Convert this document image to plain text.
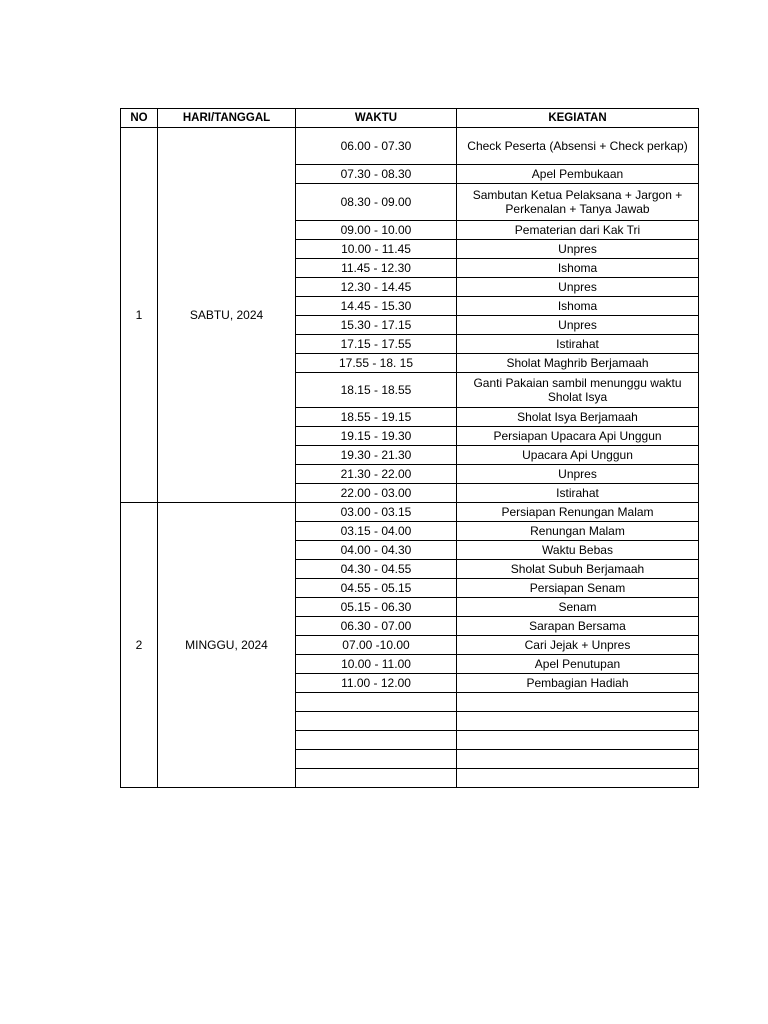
NO	HARI/TANGGAL	WAKTU	KEGIATAN
1	SABTU, 2024	06.00 - 07.30	Check Peserta (Absensi + Check perkap)
		07.30 - 08.30	Apel Pembukaan
		08.30 - 09.00	Sambutan Ketua Pelaksana + Jargon + Perkenalan + Tanya Jawab
		09.00 - 10.00	Pematerian dari Kak Tri
		10.00 - 11.45	Unpres
		11.45 - 12.30	Ishoma
		12.30 - 14.45	Unpres
		14.45 - 15.30	Ishoma
		15.30 - 17.15	Unpres
		17.15 - 17.55	Istirahat
		17.55 - 18. 15	Sholat Maghrib Berjamaah
		18.15 - 18.55	Ganti Pakaian sambil menunggu waktu Sholat Isya
		18.55 - 19.15	Sholat Isya Berjamaah
		19.15 - 19.30	Persiapan Upacara Api Unggun
		19.30 - 21.30	Upacara Api Unggun
		21.30 - 22.00	Unpres
		22.00 - 03.00	Istirahat
2	MINGGU, 2024	03.00 - 03.15	Persiapan Renungan Malam
		03.15 - 04.00	Renungan Malam
		04.00 - 04.30	Waktu Bebas
		04.30 - 04.55	Sholat Subuh Berjamaah
		04.55 - 05.15	Persiapan Senam
		05.15 - 06.30	Senam
		06.30 - 07.00	Sarapan Bersama
		07.00 -10.00	Cari Jejak + Unpres
		10.00 - 11.00	Apel Penutupan
		11.00 - 12.00	Pembagian Hadiah
